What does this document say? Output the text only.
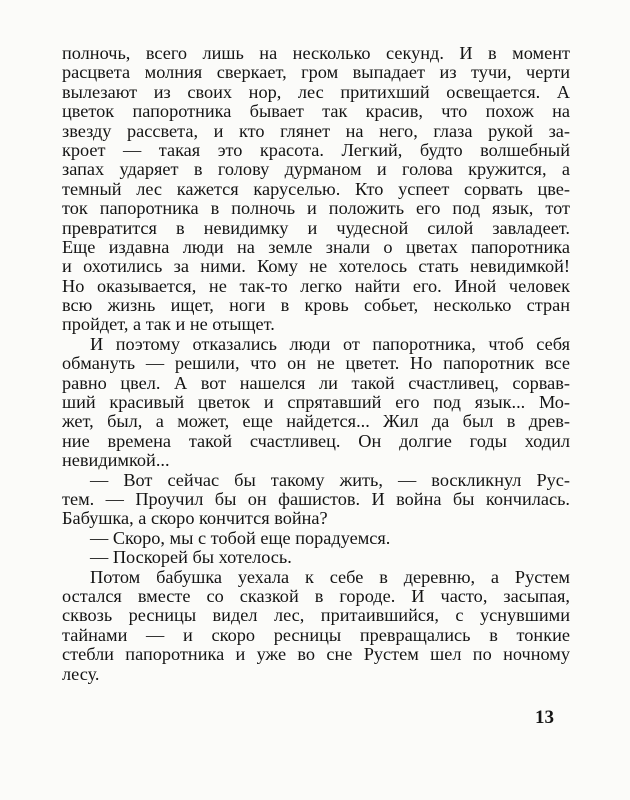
полночь, всего лишь на несколько секунд. И в момент
расцвета молния сверкает, гром выпадает из тучи, черти
вылезают из своих нор, лес притихший освещается. А
цветок папоротника бывает так красив, что похож на
звезду рассвета, и кто глянет на него, глаза рукой за-
кроет — такая это красота. Легкий, будто волшебный
запах ударяет в голову дурманом и голова кружится, а
темный лес кажется каруселью. Кто успеет сорвать цве-
ток папоротника в полночь и положить его под язык, тот
превратится в невидимку и чудесной силой завладеет.
Еще издавна люди на земле знали о цветах папоротника
и охотились за ними. Кому не хотелось стать невидимкой!
Но оказывается, не так-то легко найти его. Иной человек
всю жизнь ищет, ноги в кровь собьет, несколько стран
пройдет, а так и не отыщет.
И поэтому отказались люди от папоротника, чтоб себя
обмануть — решили, что он не цветет. Но папоротник все
равно цвел. А вот нашелся ли такой счастливец, сорвав-
ший красивый цветок и спрятавший его под язык... Мо-
жет, был, а может, еще найдется... Жил да был в древ-
ние времена такой счастливец. Он долгие годы ходил
невидимкой...
— Вот сейчас бы такому жить, — воскликнул Рус-
тем. — Проучил бы он фашистов. И война бы кончилась.
Бабушка, а скоро кончится война?
— Скоро, мы с тобой еще порадуемся.
— Поскорей бы хотелось.
Потом бабушка уехала к себе в деревню, а Рустем
остался вместе со сказкой в городе. И часто, засыпая,
сквозь ресницы видел лес, притаившийся, с уснувшими
тайнами — и скоро ресницы превращались в тонкие
стебли папоротника и уже во сне Рустем шел по ночному
лесу.
13
